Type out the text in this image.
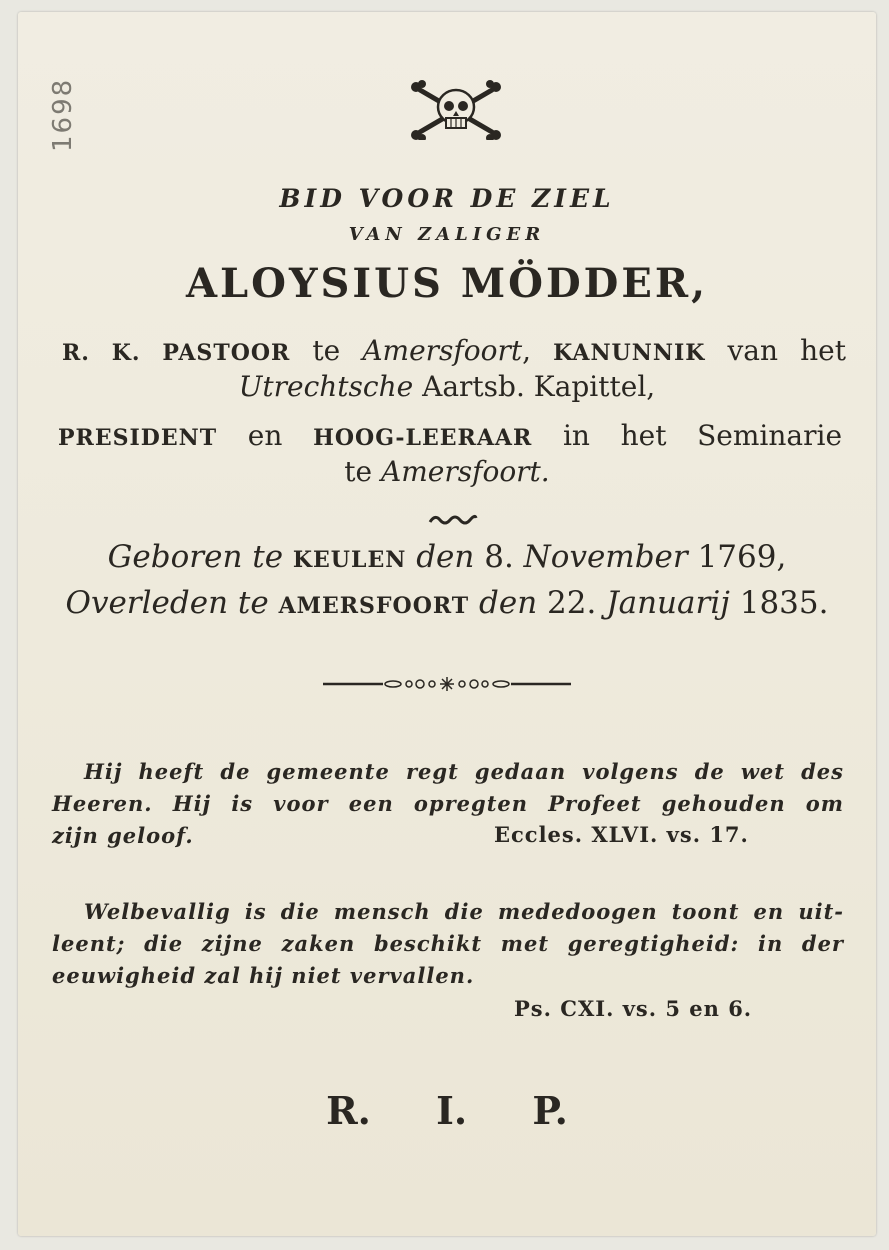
1698
BID VOOR DE ZIEL
VAN ZALIGER
ALOYSIUS MÖDDER,
R. K. PASTOOR te Amersfoort, KANUNNIK van het
Utrechtsche Aartsb. Kapittel,
PRESIDENT en HOOG-LEERAAR in het Seminarie
te Amersfoort.
Geboren te KEULEN den 8. November 1769,
Overleden te AMERSFOORT den 22. Januarij 1835.
Hij heeft de gemeente regt gedaan volgens de wet des
Heeren. Hij is voor een opregten Profeet gehouden om
zijn geloof.	Eccles. XLVI. vs. 17.
Welbevallig is die mensch die mededoogen toont en uit-
leent; die zijne zaken beschikt met geregtigheid: in der
eeuwigheid zal hij niet vervallen.
Ps. CXI. vs. 5 en 6.
R. I. P.
